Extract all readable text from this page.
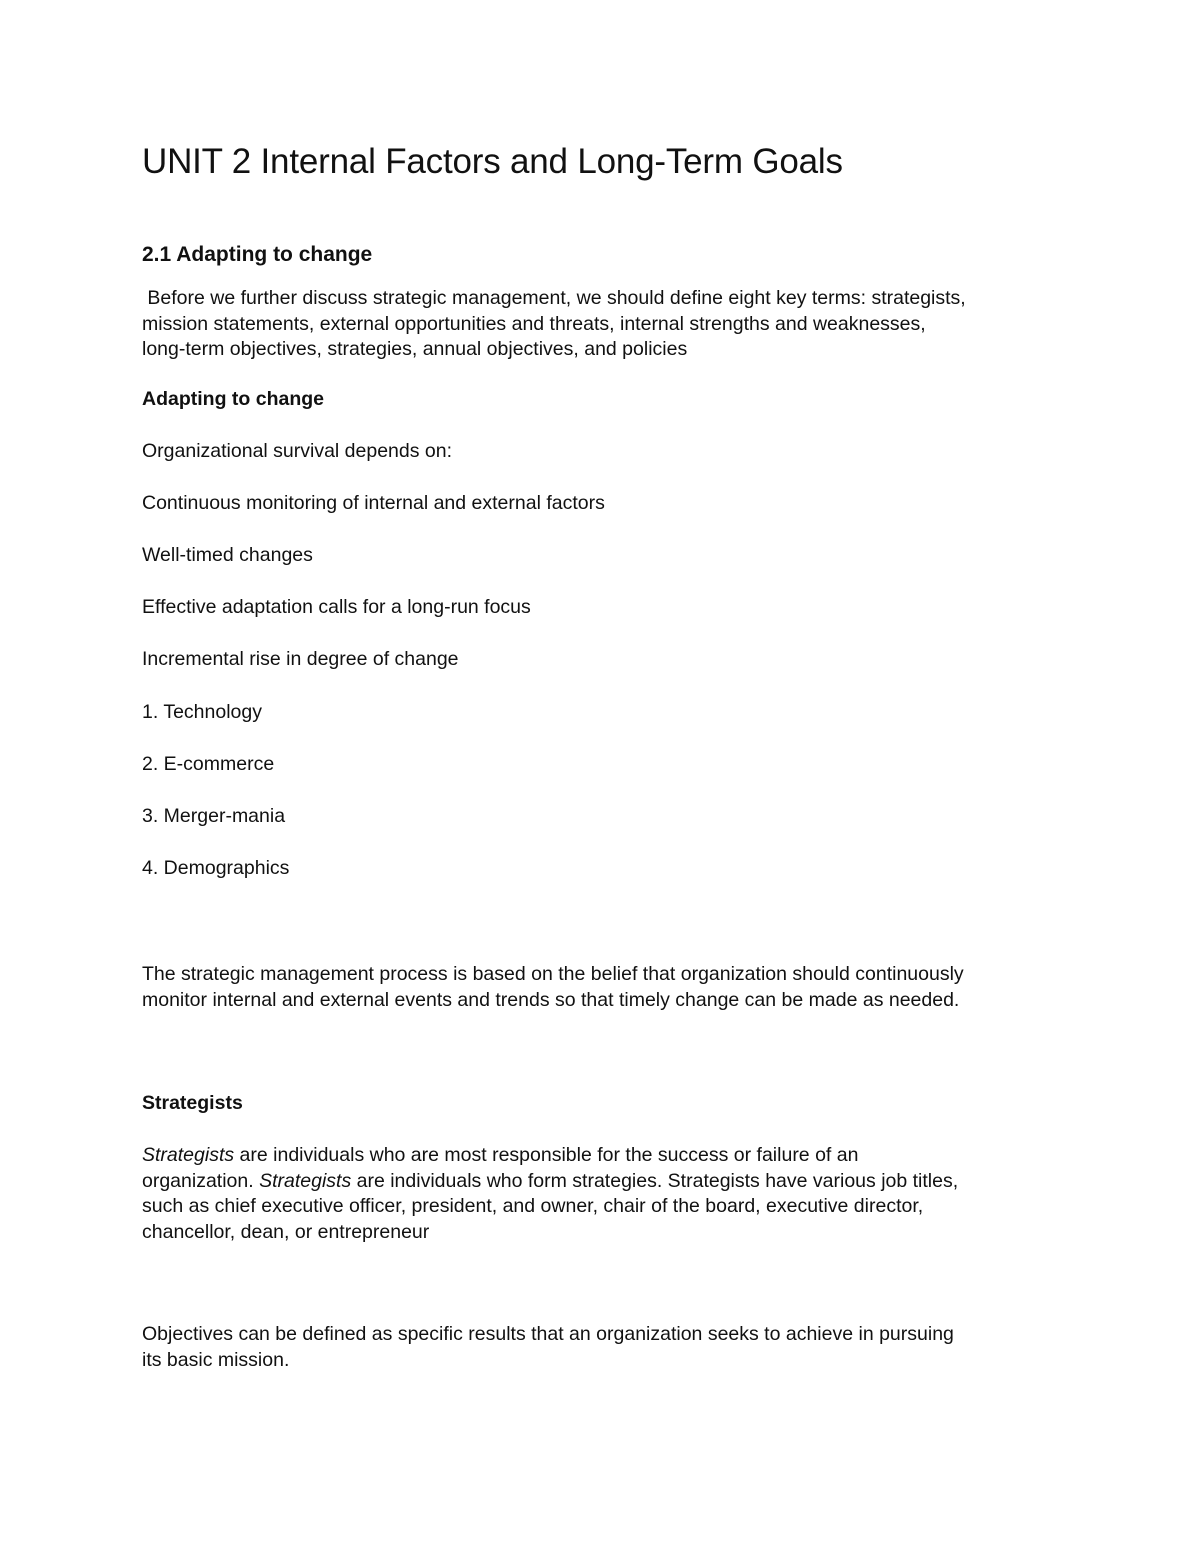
UNIT 2 Internal Factors and Long-Term Goals

2.1 Adapting to change

Before we further discuss strategic management, we should define eight key terms: strategists,
mission statements, external opportunities and threats, internal strengths and weaknesses,
long-term objectives, strategies, annual objectives, and policies

Adapting to change

Organizational survival depends on:

Continuous monitoring of internal and external factors

Well-timed changes

Effective adaptation calls for a long-run focus

Incremental rise in degree of change

1. Technology

2. E-commerce

3. Merger-mania

4. Demographics

The strategic management process is based on the belief that organization should continuously
monitor internal and external events and trends so that timely change can be made as needed.

Strategists

Strategists are individuals who are most responsible for the success or failure of an
organization. Strategists are individuals who form strategies. Strategists have various job titles,
such as chief executive officer, president, and owner, chair of the board, executive director,
chancellor, dean, or entrepreneur

Objectives can be defined as specific results that an organization seeks to achieve in pursuing
its basic mission.
